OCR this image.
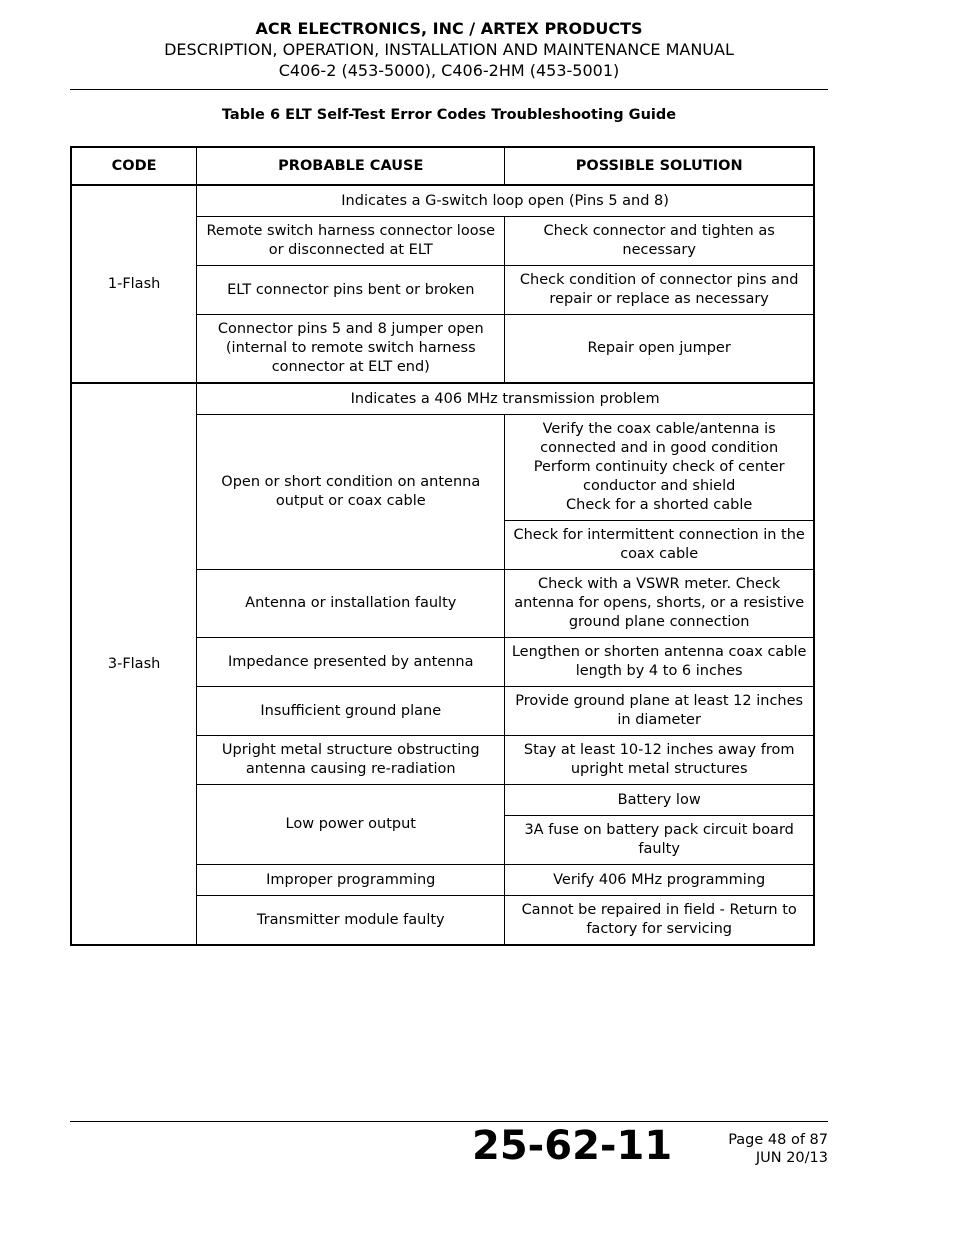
ACR ELECTRONICS, INC / ARTEX PRODUCTS
DESCRIPTION, OPERATION, INSTALLATION AND MAINTENANCE MANUAL
C406-2 (453-5000), C406-2HM (453-5001)
Table 6 ELT Self-Test Error Codes Troubleshooting Guide
CODE	PROBABLE CAUSE	POSSIBLE SOLUTION
1-Flash	Indicates a G-switch loop open (Pins 5 and 8)	
	Remote switch harness connector loose or disconnected at ELT	Check connector and tighten as necessary
	ELT connector pins bent or broken	Check condition of connector pins and repair or replace as necessary
	Connector pins 5 and 8 jumper open (internal to remote switch harness connector at ELT end)	Repair open jumper
3-Flash	Indicates a 406 MHz transmission problem	
	Open or short condition on antenna output or coax cable	Verify the coax cable/antenna is connected and in good condition
Perform continuity check of center conductor and shield
Check for a shorted cable

		Check for intermittent connection in the coax cable
	Antenna or installation faulty	Check with a VSWR meter. Check antenna for opens, shorts, or a resistive ground plane connection
	Impedance presented by antenna	Lengthen or shorten antenna coax cable length by 4 to 6 inches
	Insufficient ground plane	Provide ground plane at least 12 inches in diameter
	Upright metal structure obstructing antenna causing re-radiation	Stay at least 10-12 inches away from upright metal structures
	Low power output	Battery low
		3A fuse on battery pack circuit board faulty
	Improper programming	Verify 406 MHz programming
	Transmitter module faulty	Cannot be repaired in field - Return to factory for servicing
25-62-11	Page 48 of 87
JUN 20/13
